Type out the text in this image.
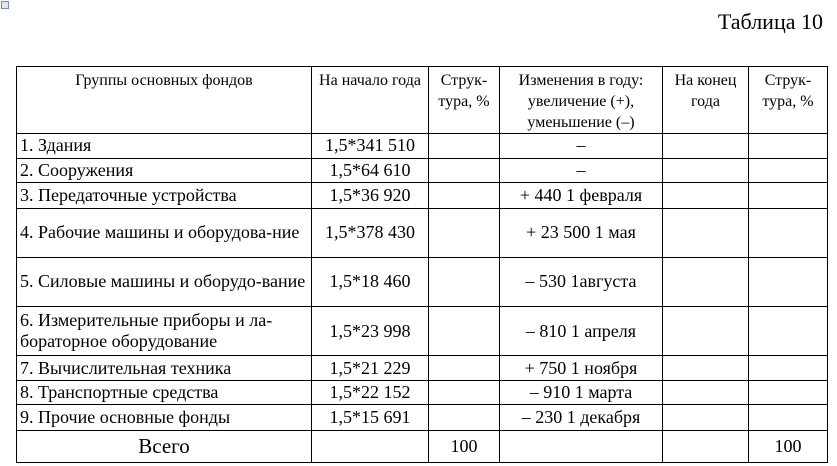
Таблица 10
Группы основных фондов	На начало года	Струк-тура, %	Изменения в году: увеличение (+), уменьшение (–)	На конец года	Струк-тура, %
1. Здания	1,5*341 510		–		
2. Сооружения	1,5*64 610		–		
3. Передаточные устройства	1,5*36 920		+ 440 1 февраля		
4. Рабочие машины и оборудова-ние	1,5*378 430		+ 23 500 1 мая		
5. Силовые машины и оборудо-вание	1,5*18 460		– 530 1августа		
6. Измерительные приборы и ла-бораторное оборудование	1,5*23 998		– 810 1 апреля		
7. Вычислительная техника	1,5*21 229		+ 750 1 ноября		
8. Транспортные средства	1,5*22 152		– 910 1 марта		
9. Прочие основные фонды	1,5*15 691		– 230 1 декабря		
Всего		100			100
